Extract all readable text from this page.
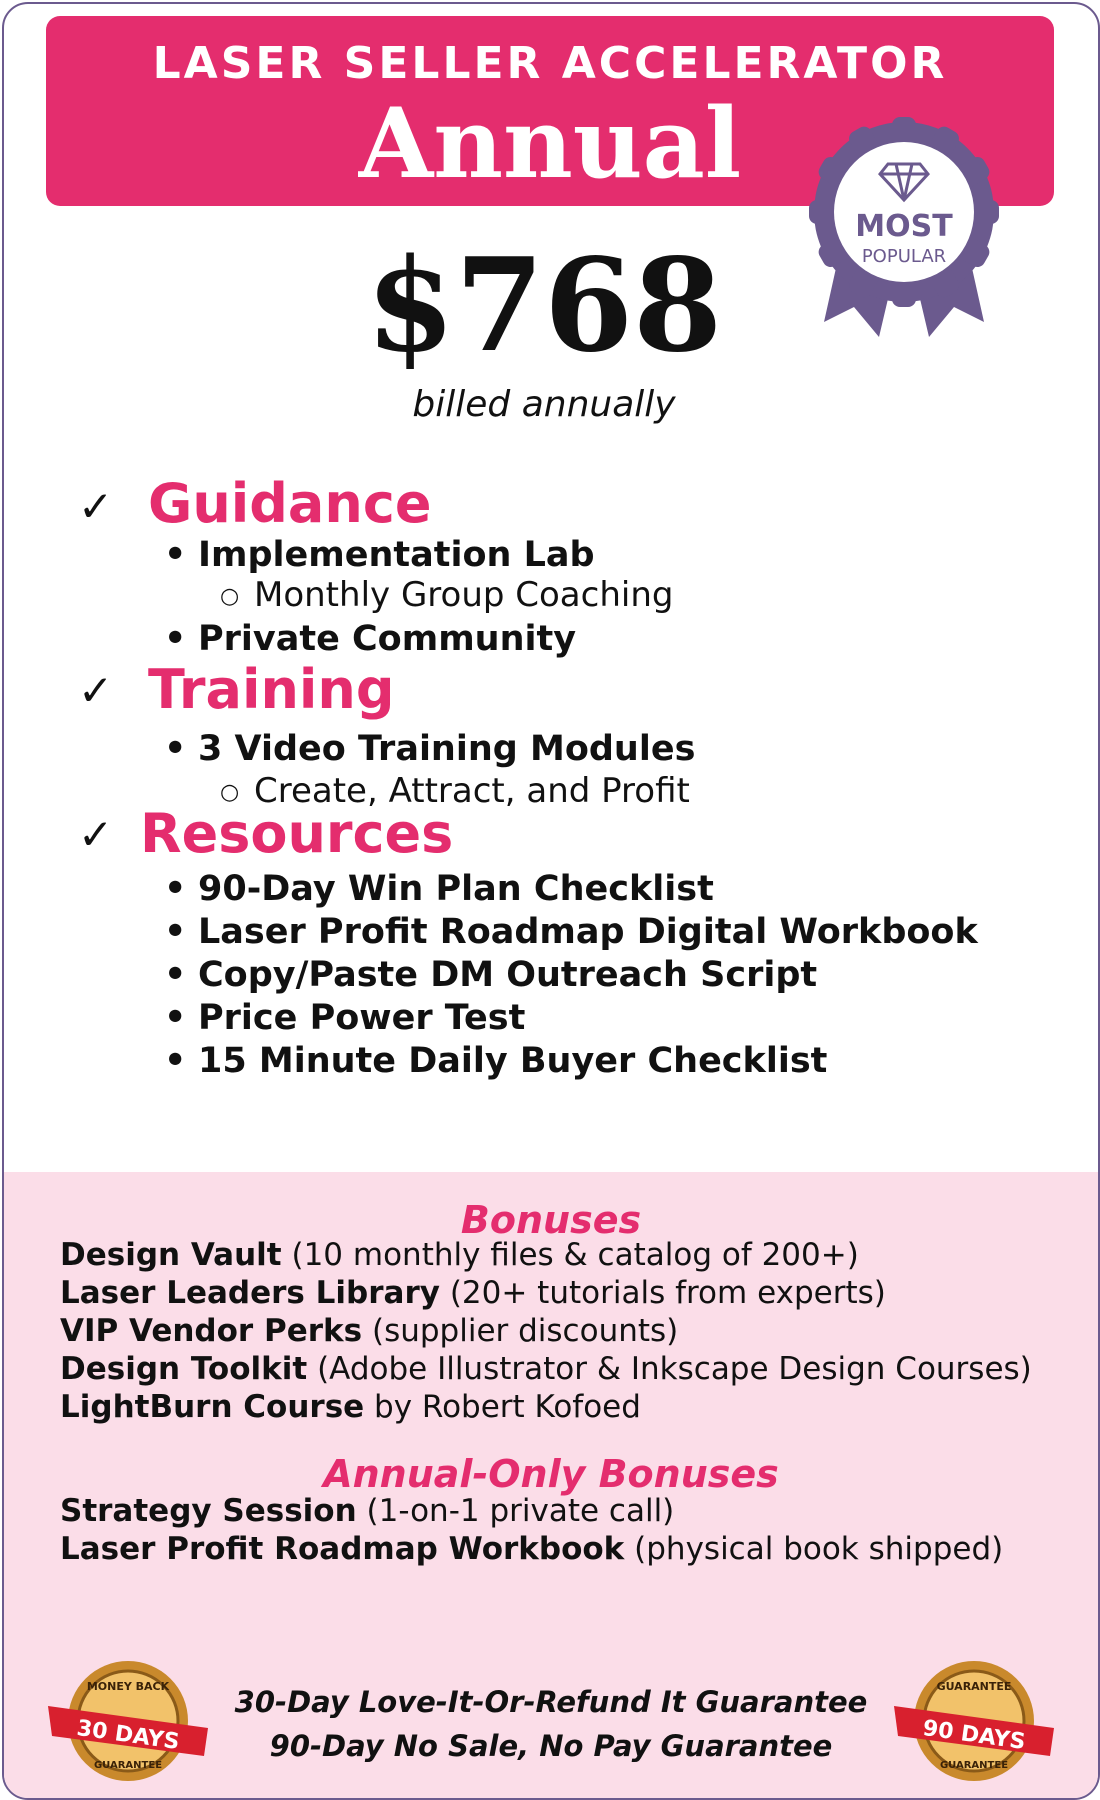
LASER SELLER ACCELERATOR
Annual
MOST
POPULAR
$768
billed annually
✓ Guidance
• Implementation Lab
○ Monthly Group Coaching
• Private Community
✓ Training
• 3 Video Training Modules
○ Create, Attract, and Profit
✓ Resources
• 90-Day Win Plan Checklist
• Laser Profit Roadmap Digital Workbook
• Copy/Paste DM Outreach Script
• Price Power Test
• 15 Minute Daily Buyer Checklist
Bonuses
Design Vault (10 monthly files & catalog of 200+)
Laser Leaders Library (20+ tutorials from experts)
VIP Vendor Perks (supplier discounts)
Design Toolkit (Adobe Illustrator & Inkscape Design Courses)
LightBurn Course by Robert Kofoed
Annual-Only Bonuses
Strategy Session (1-on-1 private call)
Laser Profit Roadmap Workbook (physical book shipped)
30-Day Love-It-Or-Refund It Guarantee
90-Day No Sale, No Pay Guarantee
MONEY BACK
30 DAYS
GUARANTEE
GUARANTEE
90 DAYS
GUARANTEE
